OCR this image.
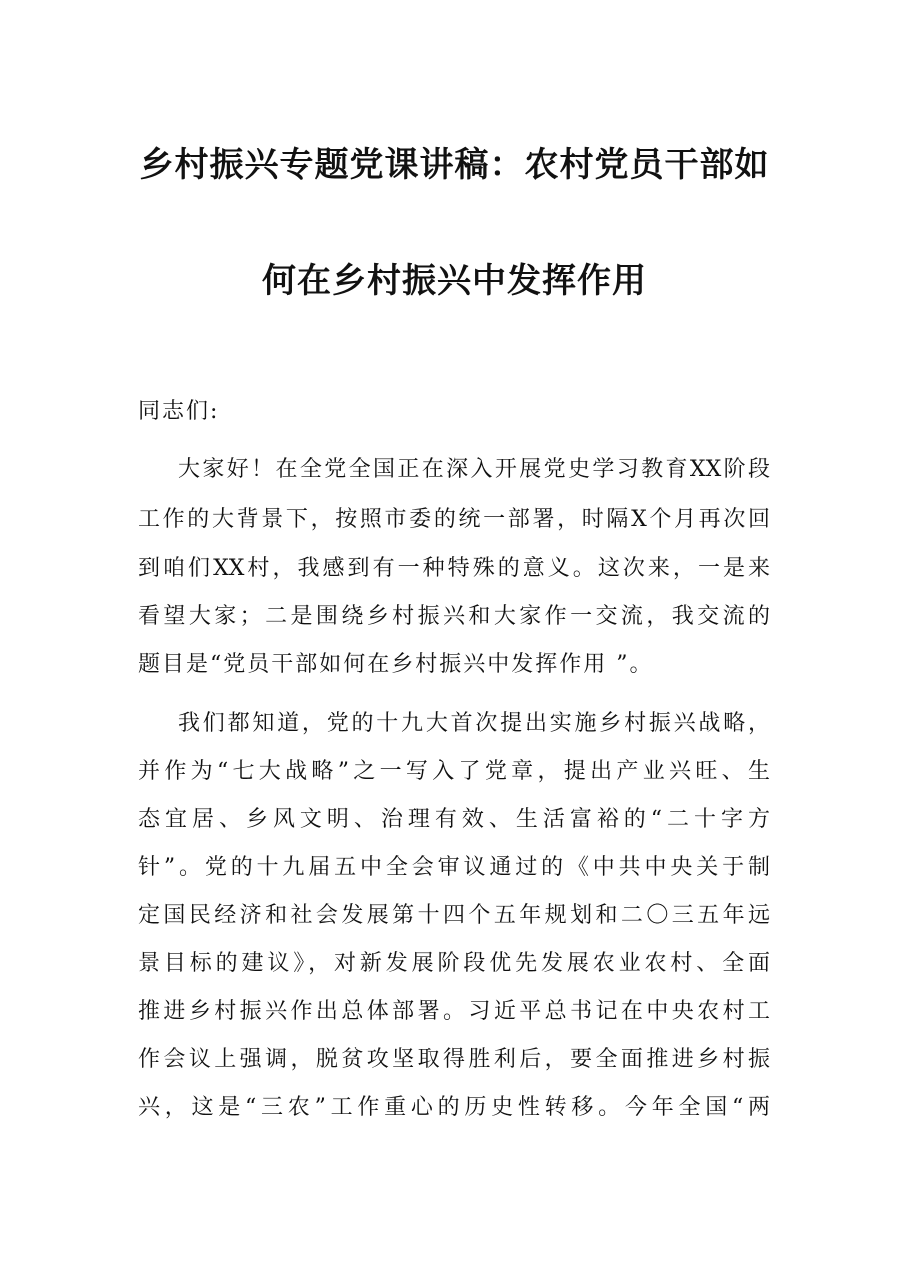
乡村振兴专题党课讲稿：农村党员干部如
何在乡村振兴中发挥作用
同志们:
大家好！在全党全国正在深入开展党史学习教育XX阶段
工作的大背景下，按照市委的统一部署，时隔X个月再次回
到咱们XX村，我感到有一种特殊的意义。这次来，一是来
看望大家；二是围绕乡村振兴和大家作一交流，我交流的
题目是“党员干部如何在乡村振兴中发挥作用 ”。
我们都知道，党的十九大首次提出实施乡村振兴战略，
并作为“七大战略”之一写入了党章，提出产业兴旺、生
态宜居、乡风文明、治理有效、生活富裕的“二十字方
针”。党的十九届五中全会审议通过的《中共中央关于制
定国民经济和社会发展第十四个五年规划和二〇三五年远
景目标的建议》，对新发展阶段优先发展农业农村、全面
推进乡村振兴作出总体部署。习近平总书记在中央农村工
作会议上强调，脱贫攻坚取得胜利后，要全面推进乡村振
兴，这是“三农”工作重心的历史性转移。今年全国“两
